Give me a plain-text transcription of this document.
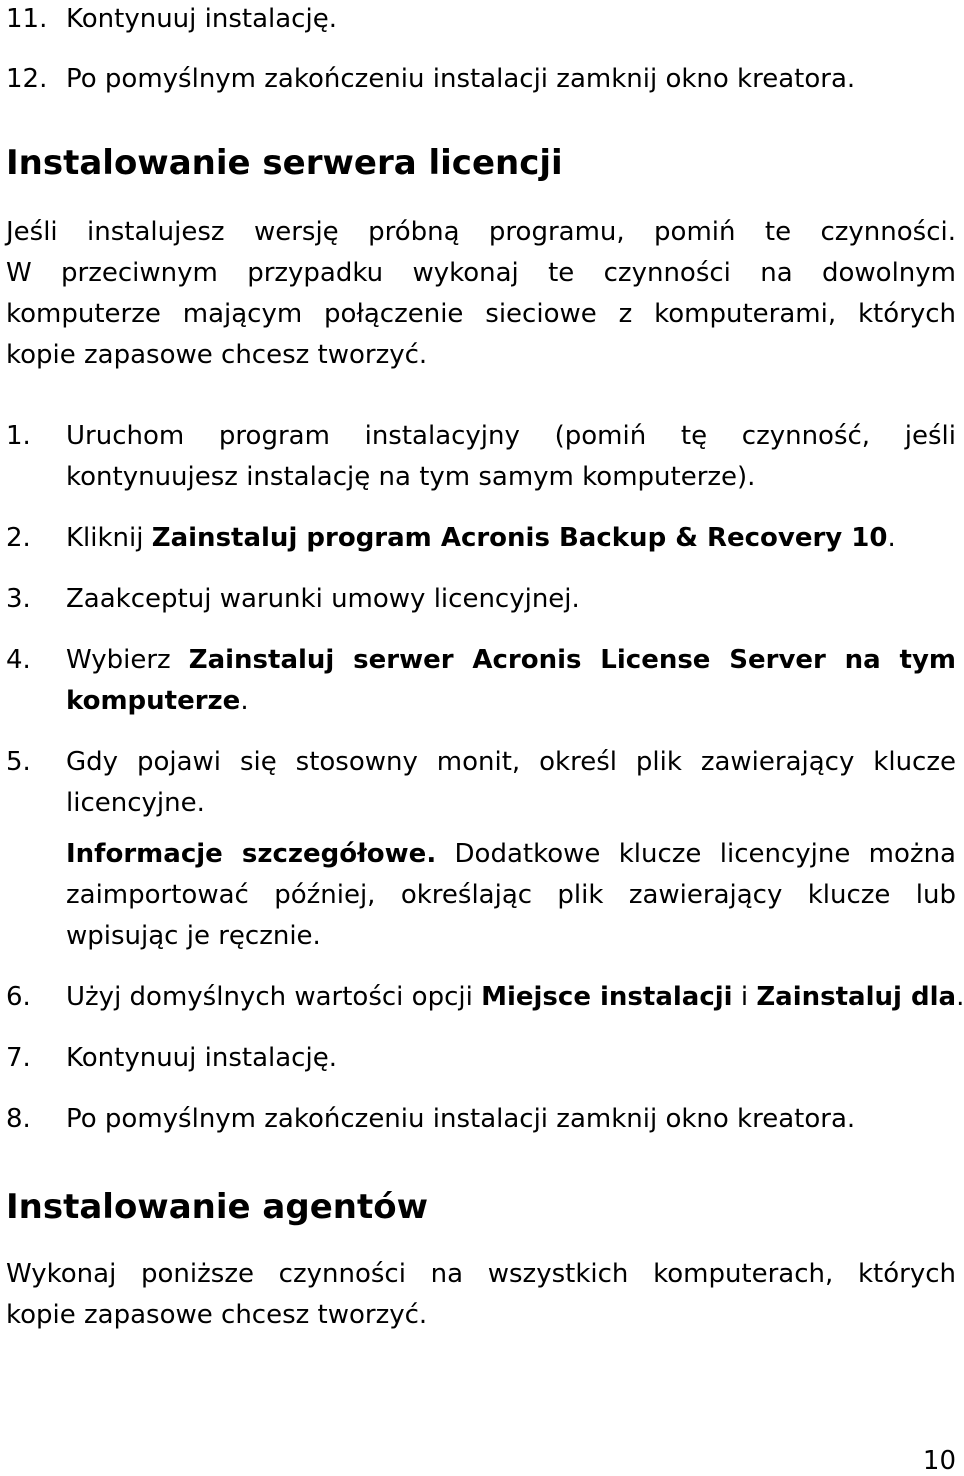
11. Kontynuuj instalację.
12. Po pomyślnym zakończeniu instalacji zamknij okno kreatora.
Instalowanie serwera licencji

Jeśli instalujesz wersję próbną programu, pomiń te czynności.

W przeciwnym przypadku wykonaj te czynności na dowolnym

komputerze mającym połączenie sieciowe z komputerami, których

kopie zapasowe chcesz tworzyć.

1. Uruchom program instalacyjny (pomiń tę czynność, jeśli
kontynuujesz instalację na tym samym komputerze).
2. Kliknij Zainstaluj program Acronis Backup & Recovery 10.
3. Zaakceptuj warunki umowy licencyjnej.
4. Wybierz Zainstaluj serwer Acronis License Server na tym
komputerze.
5. Gdy pojawi się stosowny monit, określ plik zawierający klucze
licencyjne.
Informacje szczegółowe. Dodatkowe klucze licencyjne można
zaimportować później, określając plik zawierający klucze lub
wpisując je ręcznie.
6. Użyj domyślnych wartości opcji Miejsce instalacji i Zainstaluj dla.
7. Kontynuuj instalację.
8. Po pomyślnym zakończeniu instalacji zamknij okno kreatora.
Instalowanie agentów

Wykonaj poniższe czynności na wszystkich komputerach, których

kopie zapasowe chcesz tworzyć.

10
